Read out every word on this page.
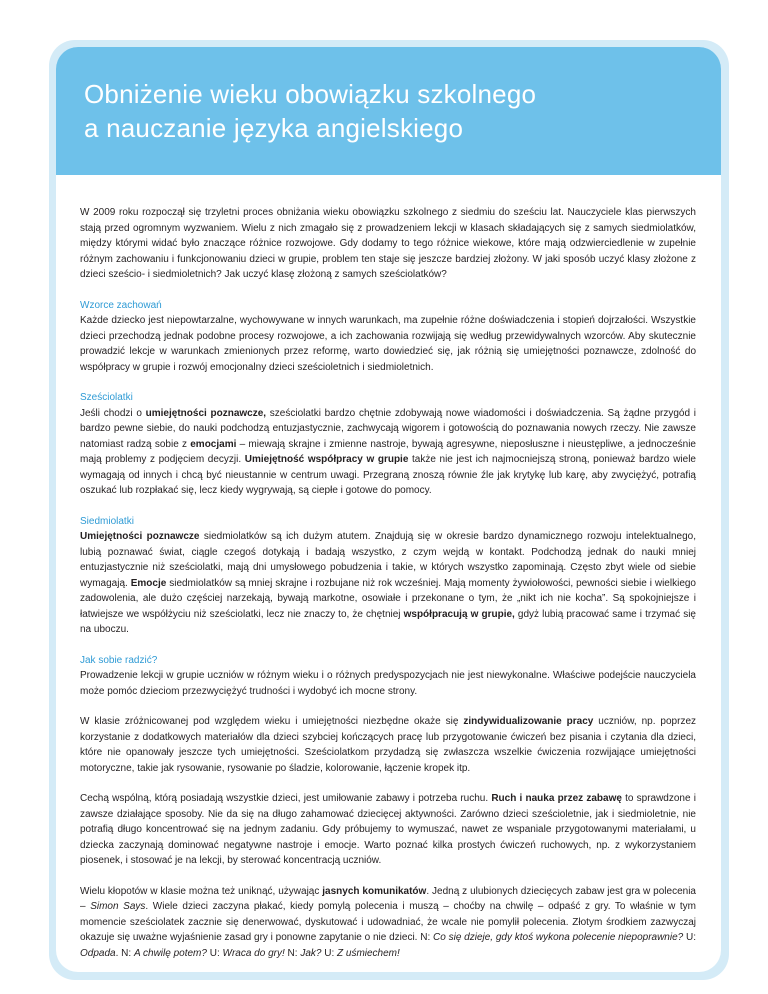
Obniżenie wieku obowiązku szkolnego
a nauczanie języka angielskiego

W 2009 roku rozpoczął się trzyletni proces obniżania wieku obowiązku szkolnego z siedmiu do sześciu lat. Nauczyciele klas pierwszych stają przed ogromnym wyzwaniem. Wielu z nich zmagało się z prowadzeniem lekcji w klasach składających się z samych siedmiolatków, między którymi widać było znaczące różnice rozwojowe. Gdy dodamy to tego różnice wiekowe, które mają odzwierciedlenie w zupełnie różnym zachowaniu i funkcjonowaniu dzieci w grupie, problem ten staje się jeszcze bardziej złożony. W jaki sposób uczyć klasy złożone z dzieci sześcio- i siedmioletnich? Jak uczyć klasę złożoną z samych sześciolatków?

Wzorce zachowań

Każde dziecko jest niepowtarzalne, wychowywane w innych warunkach, ma zupełnie różne doświadczenia i stopień dojrzałości. Wszystkie dzieci przechodzą jednak podobne procesy rozwojowe, a ich zachowania rozwijają się według przewidywalnych wzorców. Aby skutecznie prowadzić lekcje w warunkach zmienionych przez reformę, warto dowiedzieć się, jak różnią się umiejętności poznawcze, zdolność do współpracy w grupie i rozwój emocjonalny dzieci sześcioletnich i siedmioletnich.

Sześciolatki

Jeśli chodzi o umiejętności poznawcze, sześciolatki bardzo chętnie zdobywają nowe wiadomości i doświadczenia. Są żądne przygód i bardzo pewne siebie, do nauki podchodzą entuzjastycznie, zachwycają wigorem i gotowością do poznawania nowych rzeczy. Nie zawsze natomiast radzą sobie z emocjami – miewają skrajne i zmienne nastroje, bywają agresywne, nieposłuszne i nieustępliwe, a jednocześnie mają problemy z podjęciem decyzji. Umiejętność współpracy w grupie także nie jest ich najmocniejszą stroną, ponieważ bardzo wiele wymagają od innych i chcą być nieustannie w centrum uwagi. Przegraną znoszą równie źle jak krytykę lub karę, aby zwyciężyć, potrafią oszukać lub rozpłakać się, lecz kiedy wygrywają, są ciepłe i gotowe do pomocy.

Siedmiolatki

Umiejętności poznawcze siedmiolatków są ich dużym atutem. Znajdują się w okresie bardzo dynamicznego rozwoju intelektualnego, lubią poznawać świat, ciągle czegoś dotykają i badają wszystko, z czym wejdą w kontakt. Podchodzą jednak do nauki mniej entuzjastycznie niż sześciolatki, mają dni umysłowego pobudzenia i takie, w których wszystko zapominają. Często zbyt wiele od siebie wymagają. Emocje siedmiolatków są mniej skrajne i rozbujane niż rok wcześniej. Mają momenty żywiołowości, pewności siebie i wielkiego zadowolenia, ale dużo częściej narzekają, bywają markotne, osowiałe i przekonane o tym, że „nikt ich nie kocha”. Są spokojniejsze i łatwiejsze we współżyciu niż sześciolatki, lecz nie znaczy to, że chętniej współpracują w grupie, gdyż lubią pracować same i trzymać się na uboczu.

Jak sobie radzić?

Prowadzenie lekcji w grupie uczniów w różnym wieku i o różnych predyspozycjach nie jest niewykonalne. Właściwe podejście nauczyciela może pomóc dzieciom przezwyciężyć trudności i wydobyć ich mocne strony.

W klasie zróżnicowanej pod względem wieku i umiejętności niezbędne okaże się zindywidualizowanie pracy uczniów, np. poprzez korzystanie z dodatkowych materiałów dla dzieci szybciej kończących pracę lub przygotowanie ćwiczeń bez pisania i czytania dla dzieci, które nie opanowały jeszcze tych umiejętności. Sześciolatkom przydadzą się zwłaszcza wszelkie ćwiczenia rozwijające umiejętności motoryczne, takie jak rysowanie, rysowanie po śladzie, kolorowanie, łączenie kropek itp.

Cechą wspólną, którą posiadają wszystkie dzieci, jest umiłowanie zabawy i potrzeba ruchu. Ruch i nauka przez zabawę to sprawdzone i zawsze działające sposoby. Nie da się na długo zahamować dziecięcej aktywności. Zarówno dzieci sześcioletnie, jak i siedmioletnie, nie potrafią długo koncentrować się na jednym zadaniu. Gdy próbujemy to wymuszać, nawet ze wspaniale przygotowanymi materiałami, u dziecka zaczynają dominować negatywne nastroje i emocje. Warto poznać kilka prostych ćwiczeń ruchowych, np. z wykorzystaniem piosenek, i stosować je na lekcji, by sterować koncentracją uczniów.

Wielu kłopotów w klasie można też uniknąć, używając jasnych komunikatów. Jedną z ulubionych dziecięcych zabaw jest gra w polecenia – Simon Says. Wiele dzieci zaczyna płakać, kiedy pomylą polecenia i muszą – choćby na chwilę – odpaść z gry. To właśnie w tym momencie sześciolatek zacznie się denerwować, dyskutować i udowadniać, że wcale nie pomylił polecenia. Złotym środkiem zazwyczaj okazuje się uważne wyjaśnienie zasad gry i ponowne zapytanie o nie dzieci. N: Co się dzieje, gdy ktoś wykona polecenie niepoprawnie? U: Odpada. N: A chwilę potem? U: Wraca do gry! N: Jak? U: Z uśmiechem!
